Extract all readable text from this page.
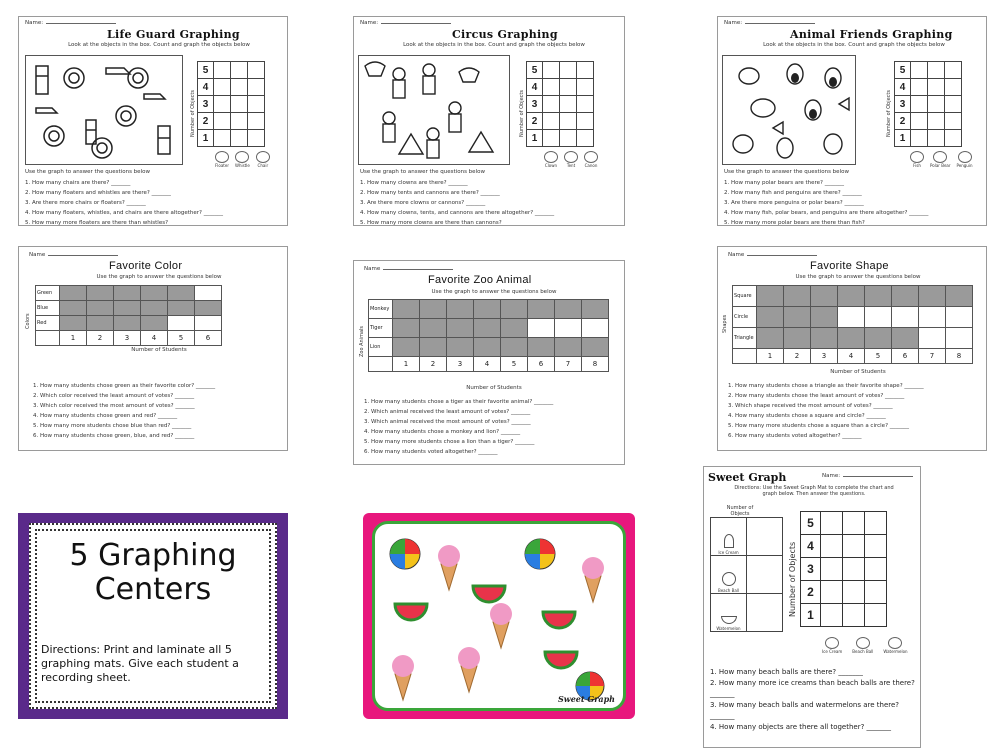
Name:
Life Guard Graphing
Look at the objects in the box. Count and graph the objects below
5			
4			
3			
2			
1			
Number of Objects
Floater Whistle Chair
Use the graph to answer the questions below
1. How many chairs are there? _______
2. How many floaters and whistles are there? _______
3. Are there more chairs or floaters? _______
4. How many floaters, whistles, and chairs are there altogether? _______
5. How many more floaters are there than whistles? _______
Name:
Circus Graphing
Look at the objects in the box. Count and graph the objects below
5			
4			
3			
2			
1			
Number of Objects
Clown Tent Canon
Use the graph to answer the questions below
1. How many clowns are there? _______
2. How many tents and cannons are there? _______
3. Are there more clowns or cannons? _______
4. How many clowns, tents, and cannons are there altogether? _______
5. How many more clowns are there than cannons? _______
Name:
Animal Friends Graphing
Look at the objects in the box. Count and graph the objects below
5			
4			
3			
2			
1			
Number of Objects
Fish Polar Bear Penguin
Use the graph to answer the questions below
1. How many polar bears are there? _______
2. How many fish and penguins are there? _______
3. Are there more penguins or polar bears? _______
4. How many fish, polar bears, and penguins are there altogether? _______
5. How many more polar bears are there than fish? _______
Name
Favorite Color
Use the graph to answer the questions below
Colors
Green						
Blue						
Red						
	1	2	3	4	5	6
Number of Students
1. How many students chose green as their favorite color? _______
2. Which color received the least amount of votes? _______
3. Which color received the most amount of votes? _______
4. How many students chose green and red? _______
5. How many more students chose blue than red? _______
6. How many students chose green, blue, and red? _______
Name
Favorite Zoo Animal
Use the graph to answer the questions below
Zoo Animals
Monkey								
Tiger								
Lion								
	1	2	3	4	5	6	7	8
Number of Students
1. How many students chose a tiger as their favorite animal? _______
2. Which animal received the least amount of votes? _______
3. Which animal received the most amount of votes? _______
4. How many students chose a monkey and lion? _______
5. How many more students chose a lion than a tiger? _______
6. How many students voted altogether? _______
Name
Favorite Shape
Use the graph to answer the questions below
Shapes
Square								
Circle								
Triangle								
	1	2	3	4	5	6	7	8
Number of Students
1. How many students chose a triangle as their favorite shape? _______
2. How many students chose the least amount of votes? _______
3. Which shape received the most amount of votes? _______
4. How many students chose a square and circle? _______
5. How many more students chose a square than a circle? _______
6. How many students voted altogether? _______
5 Graphing
Centers
Directions: Print and laminate all 5 graphing mats. Give each student a recording sheet.
Sweet Graph
Sweet Graph	Name:
Directions: Use the Sweet Graph Mat to complete the chart and graph below. Then answer the questions.
Number of Objects
Ice Cream	

Beach Ball	

Watermelon	
5			
4			
3			
2			
1			
Number of Objects
Ice Cream	Beach Ball	Watermelon
1. How many beach balls are there? _______
2. How many more ice creams than beach balls are there? _______
3. How many beach balls and watermelons are there? _______
4. How many objects are there all together? _______
